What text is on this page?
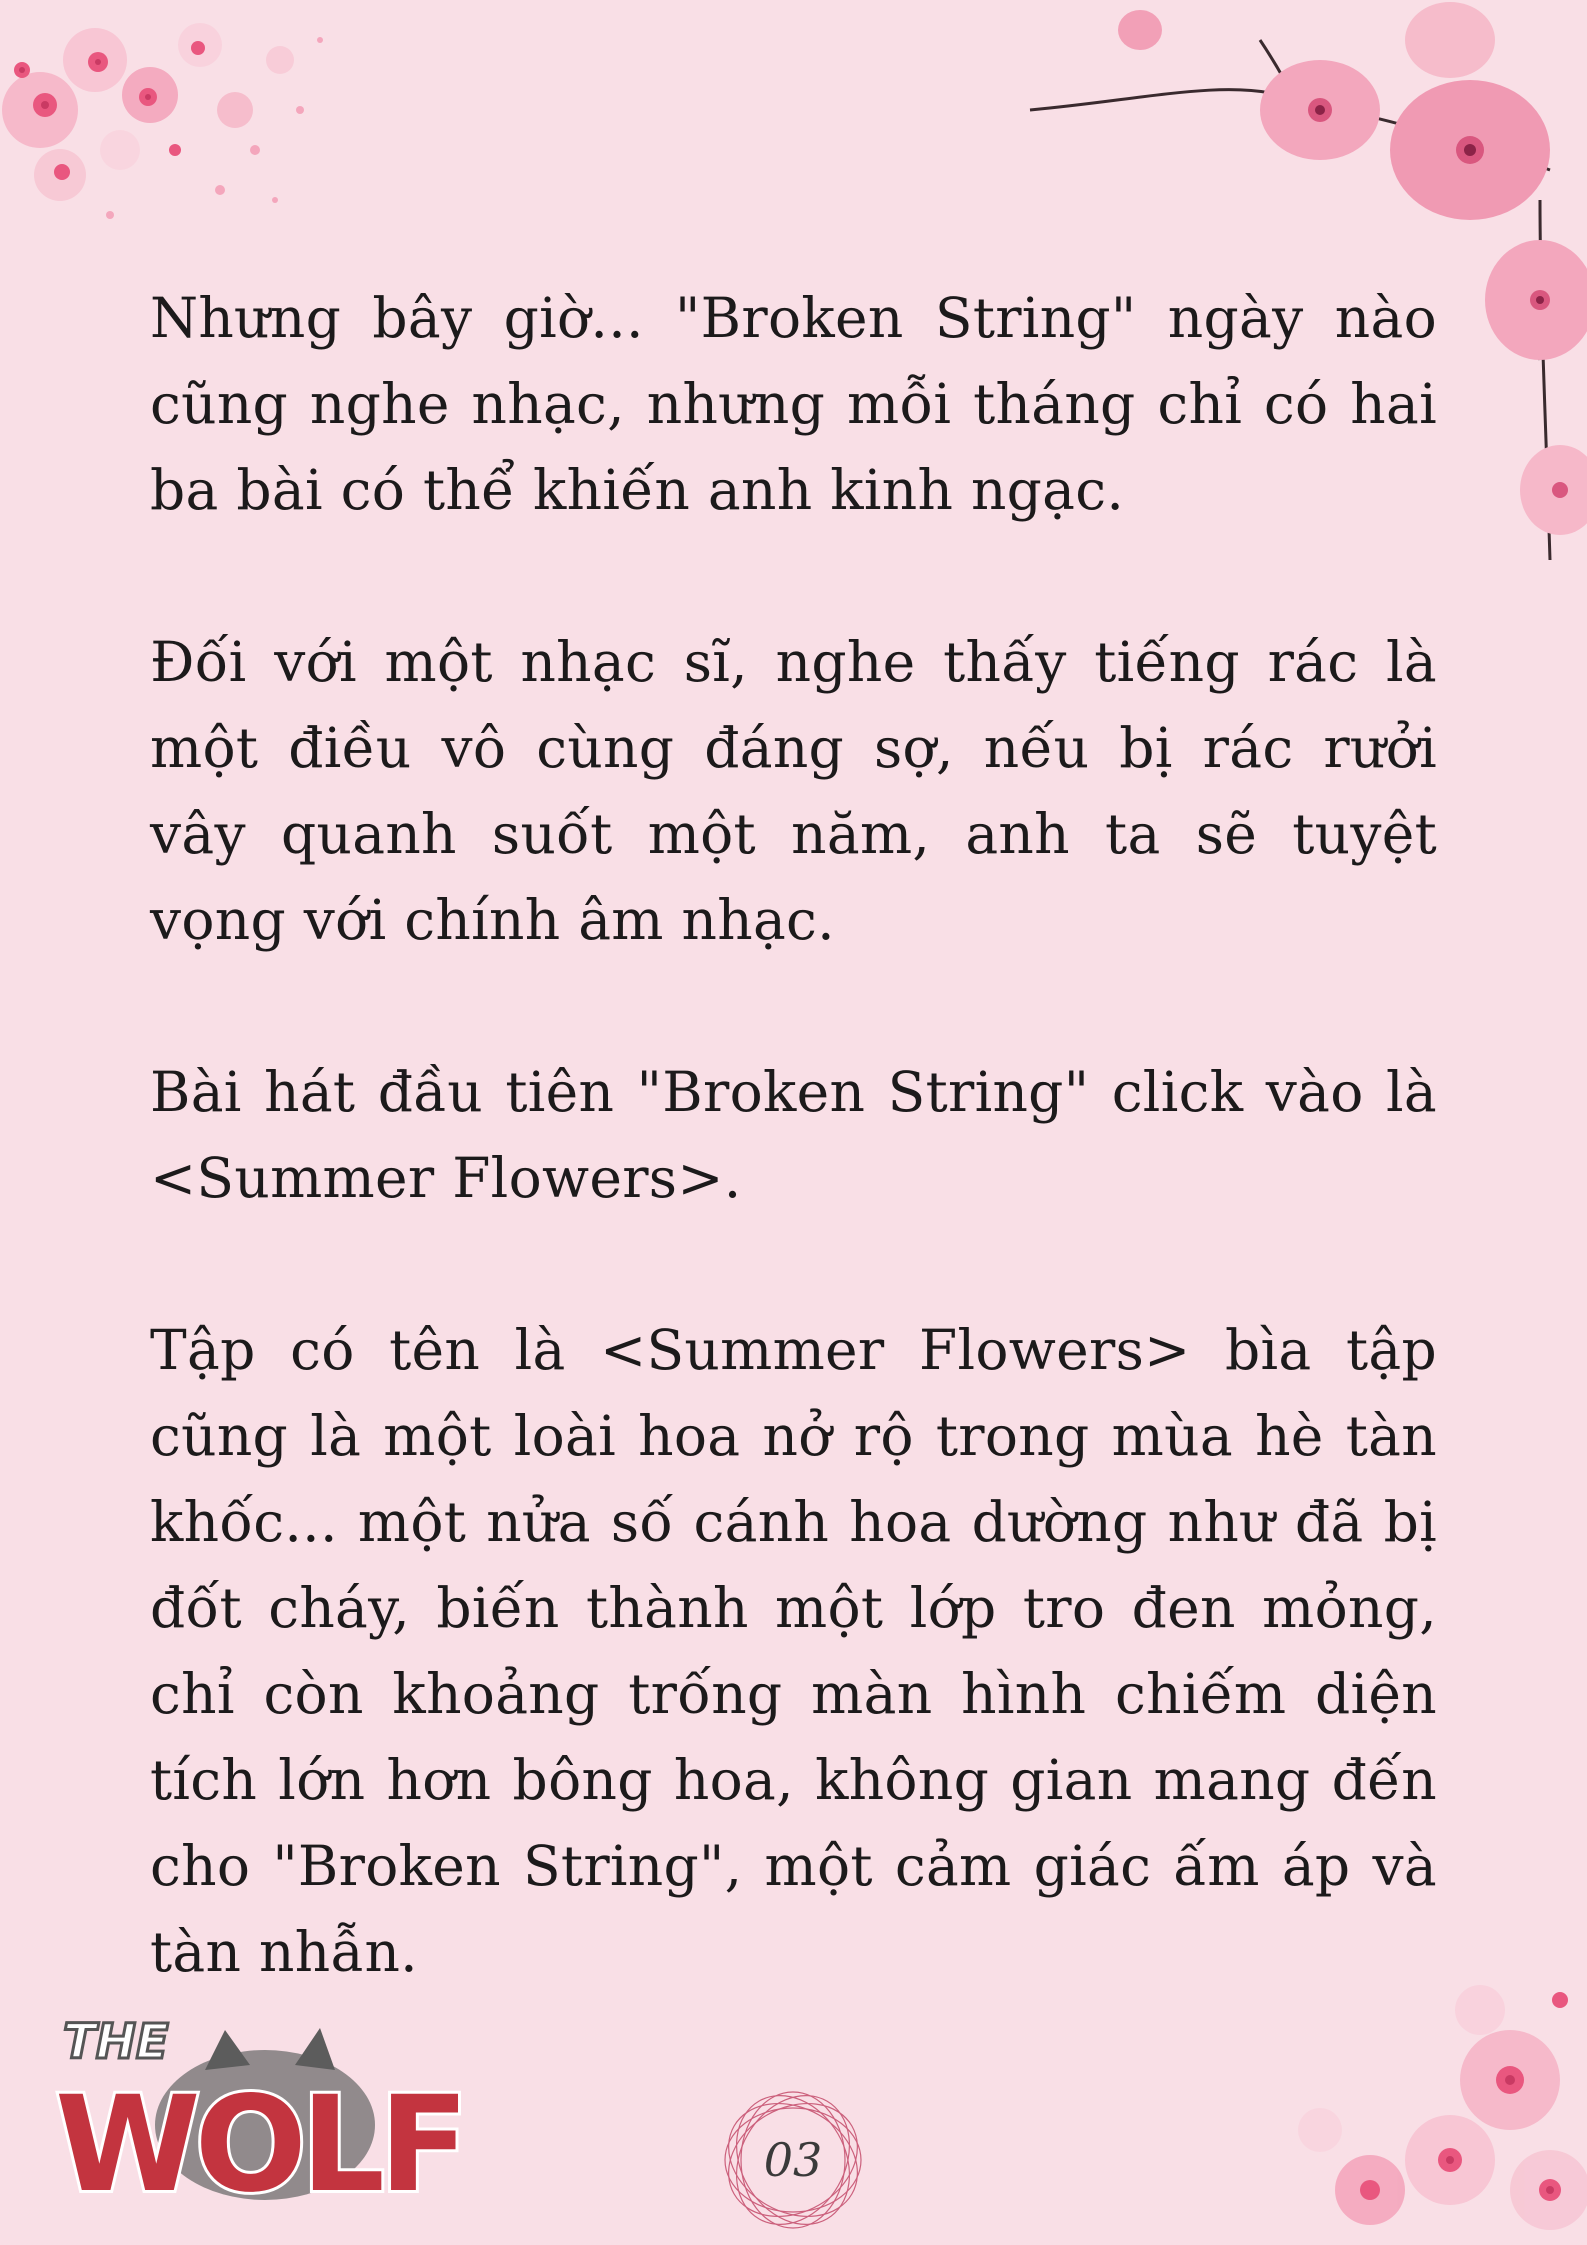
Nhưng bây giờ... "Broken String" ngày nào cũng nghe nhạc, nhưng mỗi tháng chỉ có hai ba bài có thể khiến anh kinh ngạc.

Đối với một nhạc sĩ, nghe thấy tiếng rác là một điều vô cùng đáng sợ, nếu bị rác rưởi vây quanh suốt một năm, anh ta sẽ tuyệt vọng với chính âm nhạc.

Bài hát đầu tiên "Broken String" click vào là <Summer Flowers>.

Tập có tên là <Summer Flowers> bìa tập cũng là một loài hoa nở rộ trong mùa hè tàn khốc... một nửa số cánh hoa dường như đã bị đốt cháy, biến thành một lớp tro đen mỏng, chỉ còn khoảng trống màn hình chiếm diện tích lớn hơn bông hoa, không gian mang đến cho "Broken String", một cảm giác ấm áp và tàn nhẫn.

THE
WOLF	03
